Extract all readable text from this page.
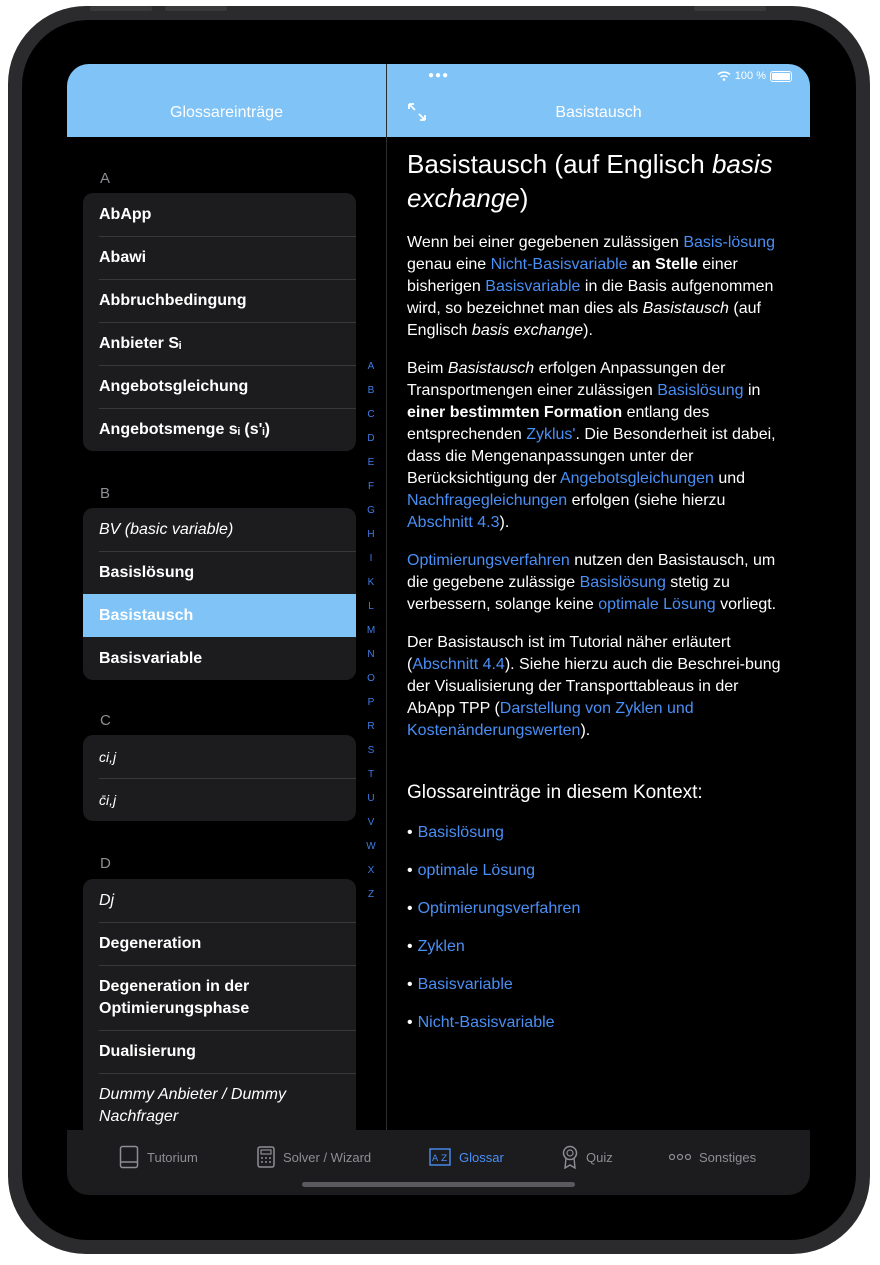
Glossareinträge
●●●	100 %
Basistausch
A
AbApp
Abawi
Abbruchbedingung
Anbieter Sᵢ
Angebotsgleichung
Angebotsmenge sᵢ (s'ᵢ)
B
BV (basic variable)
Basislösung
Basistausch
Basisvariable
C
ci,j
c̄i,j
D
Dj
Degeneration
Degeneration in der Optimierungsphase
Dualisierung
Dummy Anbieter / Dummy Nachfrager
A
B
C
D
E
F
G
H
I
K
L
M
N
O
P
R
S
T
U
V
W
X
Z
Basistausch (auf Englisch basis exchange)

Wenn bei einer gegebenen zulässigen Basis-lösung genau eine Nicht-Basisvariable an Stelle einer bisherigen Basisvariable in die Basis aufgenommen wird, so bezeichnet man dies als Basistausch (auf Englisch basis exchange).

Beim Basistausch erfolgen Anpassungen der Transportmengen einer zulässigen Basislösung in einer bestimmten Formation entlang des entsprechenden Zyklus'. Die Besonderheit ist dabei, dass die Mengenanpassungen unter der Berücksichtigung der Angebotsgleichungen und Nachfragegleichungen erfolgen (siehe hierzu Abschnitt 4.3).

Optimierungsverfahren nutzen den Basistausch, um die gegebene zulässige Basislösung stetig zu verbessern, solange keine optimale Lösung vorliegt.

Der Basistausch ist im Tutorial näher erläutert (Abschnitt 4.4). Siehe hierzu auch die Beschrei-bung der Visualisierung der Transporttableaus in der AbApp TPP (Darstellung von Zyklen und Kostenänderungswerten).

Glossareinträge in diesem Kontext:
• Basislösung
• optimale Lösung
• Optimierungsverfahren
• Zyklen
• Basisvariable
• Nicht-Basisvariable
Tutorium	Solver / Wizard	A Z Glossar	Quiz	Sonstiges
